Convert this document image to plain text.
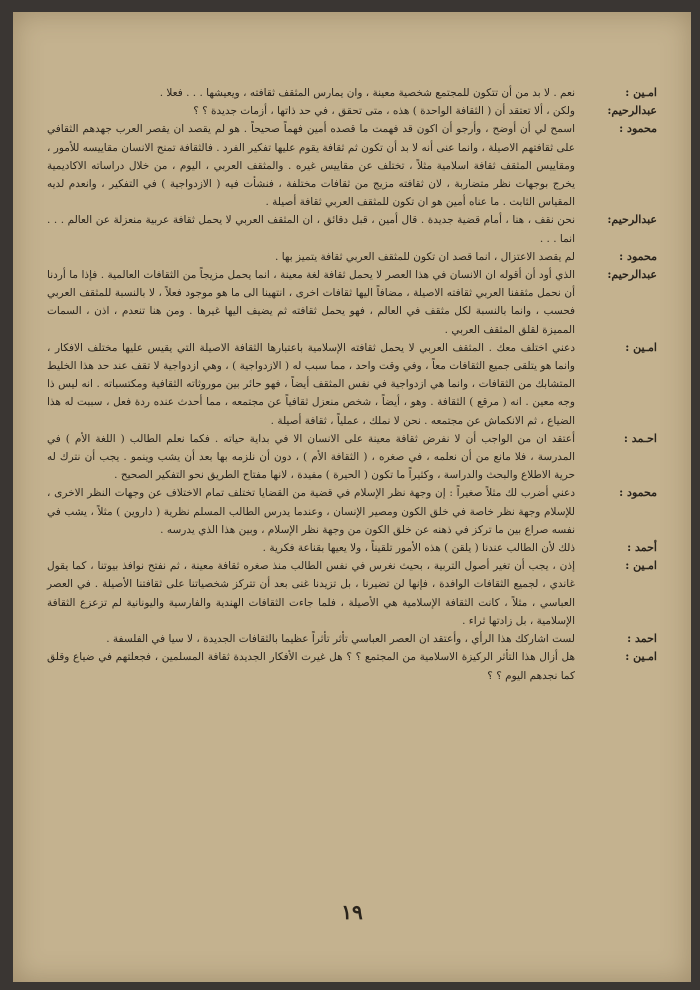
امـين :
نعم . لا بد من أن تتكون للمجتمع شخصية معينة ، وان يمارس المثقف ثقافته ، ويعيشها . . . فعلا .
عبدالرحيم:
ولكن ، ألا تعتقد أن ( الثقافة الواحدة ) هذه ، متى تحقق ، في حد ذاتها ، أزمات جديدة ؟ ؟
محمود :
اسمح لي أن أوضح ، وأرجو أن اكون قد فهمت ما قصده أمين فهماً صحيحاً . هو لم يقصد ان يقصر العرب جهدهم الثقافي على ثقافتهم الاصيلة ، وانما عنى أنه لا بد أن تكون ثم ثقافة يقوم عليها تفكير الفرد . فالثقافة تمنح الانسان مقاييسه للأمور ، ومقاييس المثقف ثقافة اسلامية مثلاً ، تختلف عن مقاييس غيره . والمثقف العربي ، اليوم ، من خلال دراساته الاكاديمية يخرج بوجهات نظر متضاربة ، لان ثقافته مزيج من ثقافات مختلفة ، فنشأت فيه ( الازدواجية ) في التفكير ، وانعدم لديه المقياس الثابت . ما عناه أمين هو ان تكون للمثقف العربي ثقافة أصيلة .
عبدالرحيم:
نحن نقف ، هنا ، أمام قضية جديدة . قال أمين ، قبل دقائق ، ان المثقف العربي لا يحمل ثقافة عربية منعزلة عن العالم . . . انما . . .
محمود :
لم يقصد الاعتزال ، انما قصد ان تكون للمثقف العربي ثقافة يتميز بها .
عبدالرحيم:
الذي أود أن أقوله ان الانسان في هذا العصر لا يحمل ثقافة لغة معينة ، انما يحمل مزيجاً من الثقافات العالمية . فإذا ما أردنا أن نحمل مثقفنا العربي ثقافته الاصيلة ، مضافاً اليها ثقافات اخرى ، انتهينا الى ما هو موجود فعلاً ، لا بالنسبة للمثقف العربي فحسب ، وانما بالنسبة لكل مثقف في العالم ، فهو يحمل ثقافته ثم يضيف اليها غيرها . ومن هنا تنعدم ، اذن ، السمات المميزة لقلق المثقف العربي .
امـين :
دعني اختلف معك . المثقف العربي لا يحمل ثقافته الإسلامية باعتبارها الثقافة الاصيلة التي يقيس عليها مختلف الافكار ، وانما هو يتلقى جميع الثقافات معاً ، وفي وقت واحد ، مما سبب له ( الازدواجية ) ، وهي ازدواجية لا تقف عند حد هذا الخليط المتشابك من الثقافات ، وانما هي ازدواجية في نفس المثقف أيضاً ، فهو حائر بين موروثاته الثقافية ومكتسباته . انه ليس ذا وجه معين . انه ( مرقع ) الثقافة . وهو ، أيضاً ، شخص منعزل ثقافياً عن مجتمعه ، مما أحدث عنده ردة فعل ، سببت له هذا الضياع ، ثم الانكماش عن مجتمعه . نحن لا نملك ، عملياً ، ثقافة أصيلة .
احـمد :
أعتقد ان من الواجب أن لا نفرض ثقافة معينة على الانسان الا في بداية حياته . فكما نعلم الطالب ( اللغة الأم ) في المدرسة ، فلا مانع من أن نعلمه ، في صغره ، ( الثقافة الأم ) ، دون أن نلزمه بها بعد أن يشب وينمو . يجب أن نترك له حرية الاطلاع والبحث والدراسة ، وكثيراً ما تكون ( الحيرة ) مفيدة ، لانها مفتاح الطريق نحو التفكير الصحيح .
محمود :
دعني أضرب لك مثلاً صغيراً : إن وجهة نظر الإسلام في قضية من القضايا تختلف تمام الاختلاف عن وجهات النظر الاخرى ، للإسلام وجهة نظر خاصة في خلق الكون ومصير الإنسان ، وعندما يدرس الطالب المسلم نظرية ( داروين ) مثلاً ، يشب في نفسه صراع بين ما تركز في ذهنه عن خلق الكون من وجهة نظر الإسلام ، وبين هذا الذي يدرسه .
أحمد :
ذلك لأن الطالب عندنا ( يلقن ) هذه الأمور تلقيناً ، ولا يعيها بقناعة فكرية .
امـين :
إذن ، يجب أن تغير أصول التربية ، بحيث نغرس في نفس الطالب منذ صغره ثقافة معينة ، ثم نفتح نوافذ بيوتنا ، كما يقول غاندي ، لجميع الثقافات الوافدة ، فإنها لن تضيرنا ، بل تزيدنا غنى بعد أن تتركز شخصياتنا على ثقافتنا الأصيلة . في العصر العباسي ، مثلاً ، كانت الثقافة الإسلامية هي الأصيلة ، فلما جاءت الثقافات الهندية والفارسية واليونانية لم تزعزع الثقافة الإسلامية ، بل زادتها ثراء .
احمد :
لست اشاركك هذا الرأي ، وأعتقد ان العصر العباسي تأثر تأثراً عظيما بالثقافات الجديدة ، لا سيا في الفلسفة .
امـين :
هل أزال هذا التأثر الركيزة الاسلامية من المجتمع ؟ ؟ هل غيرت الأفكار الجديدة ثقافة المسلمين ، فجعلتهم في ضياع وقلق كما نجدهم اليوم ؟ ؟
١٩
